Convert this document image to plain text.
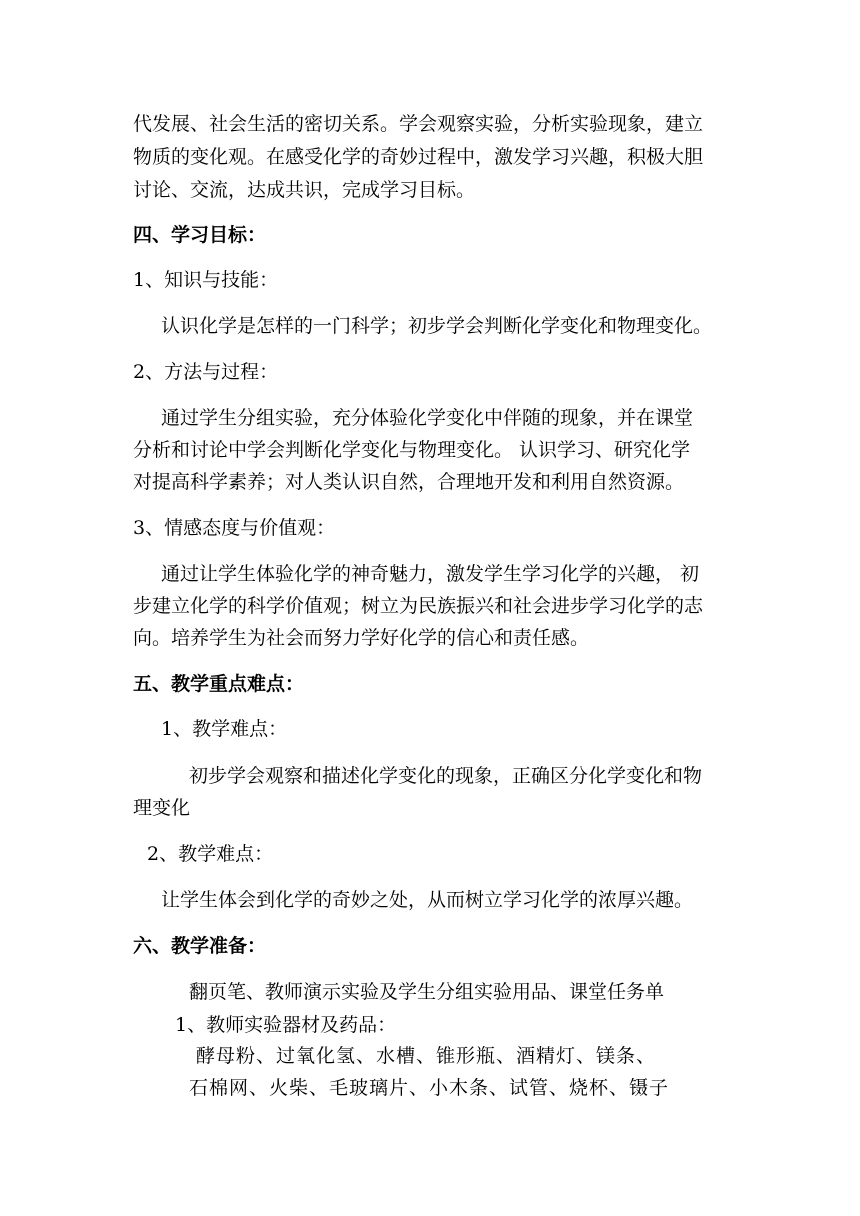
代发展、社会生活的密切关系。学会观察实验，分析实验现象，建立
物质的变化观。在感受化学的奇妙过程中，激发学习兴趣，积极大胆
讨论、交流，达成共识，完成学习目标。
四、学习目标：
1、知识与技能：
认识化学是怎样的一门科学；初步学会判断化学变化和物理变化。
2、方法与过程：
通过学生分组实验，充分体验化学变化中伴随的现象，并在课堂
分析和讨论中学会判断化学变化与物理变化。 认识学习、研究化学
对提高科学素养；对人类认识自然，合理地开发和利用自然资源。
3、情感态度与价值观：
通过让学生体验化学的神奇魅力，激发学生学习化学的兴趣， 初
步建立化学的科学价值观；树立为民族振兴和社会进步学习化学的志
向。培养学生为社会而努力学好化学的信心和责任感。
五、教学重点难点：
1、教学难点：
初步学会观察和描述化学变化的现象，正确区分化学变化和物
理变化
2、教学难点：
让学生体会到化学的奇妙之处，从而树立学习化学的浓厚兴趣。
六、教学准备：
翻页笔、教师演示实验及学生分组实验用品、课堂任务单
1、教师实验器材及药品：
酵母粉、过氧化氢、水槽、锥形瓶、酒精灯、镁条、
石棉网、火柴、毛玻璃片、小木条、试管、烧杯、镊子
